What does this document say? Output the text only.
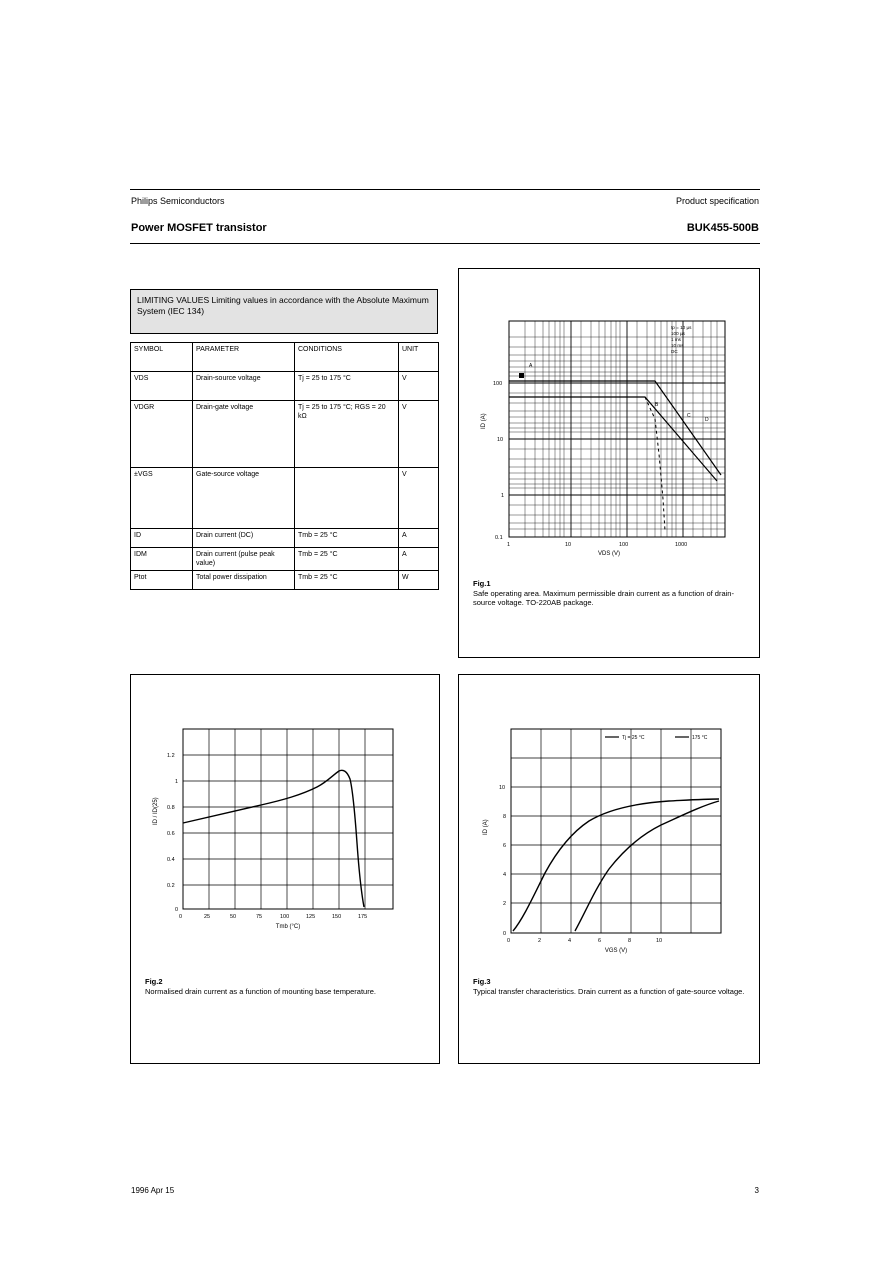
Philips Semiconductors	Product specification
Power MOSFET transistor	BUK455-500B
LIMITING VALUES Limiting values in accordance with the Absolute Maximum System (IEC 134)
SYMBOL	PARAMETER	CONDITIONS	UNIT
VDS	Drain-source voltage	Tj = 25 to 175 °C	V
VDGR	Drain-gate voltage	Tj = 25 to 175 °C; RGS = 20 kΩ	V
±VGS	Gate-source voltage		V
ID	Drain current (DC)	Tmb = 25 °C	A
IDM	Drain current (pulse peak value)	Tmb = 25 °C	A
Ptot	Total power dissipation	Tmb = 25 °C	W
A
B
C
D
tp = 10 µs
100 µs
1 ms
10 ms
DC
1	10	100	1000
0.1
1
10
100
VDS (V)
ID (A)

Fig.1
Safe operating area. Maximum permissible drain current as a function of drain-source voltage. TO-220AB package.

0	25	50	75	100	125	150	175
0
0.2
0.4
0.6
0.8
1
1.2
Tmb (°C)
ID / ID(25)

Fig.2
Normalised drain current as a function of mounting base temperature.

0	2	4	6	8	10
0
2
4
6
8
10
Tj = 25 °C	175 °C
VGS (V)
ID (A)

Fig.3
Typical transfer characteristics. Drain current as a function of gate-source voltage.

1996 Apr 15	3
